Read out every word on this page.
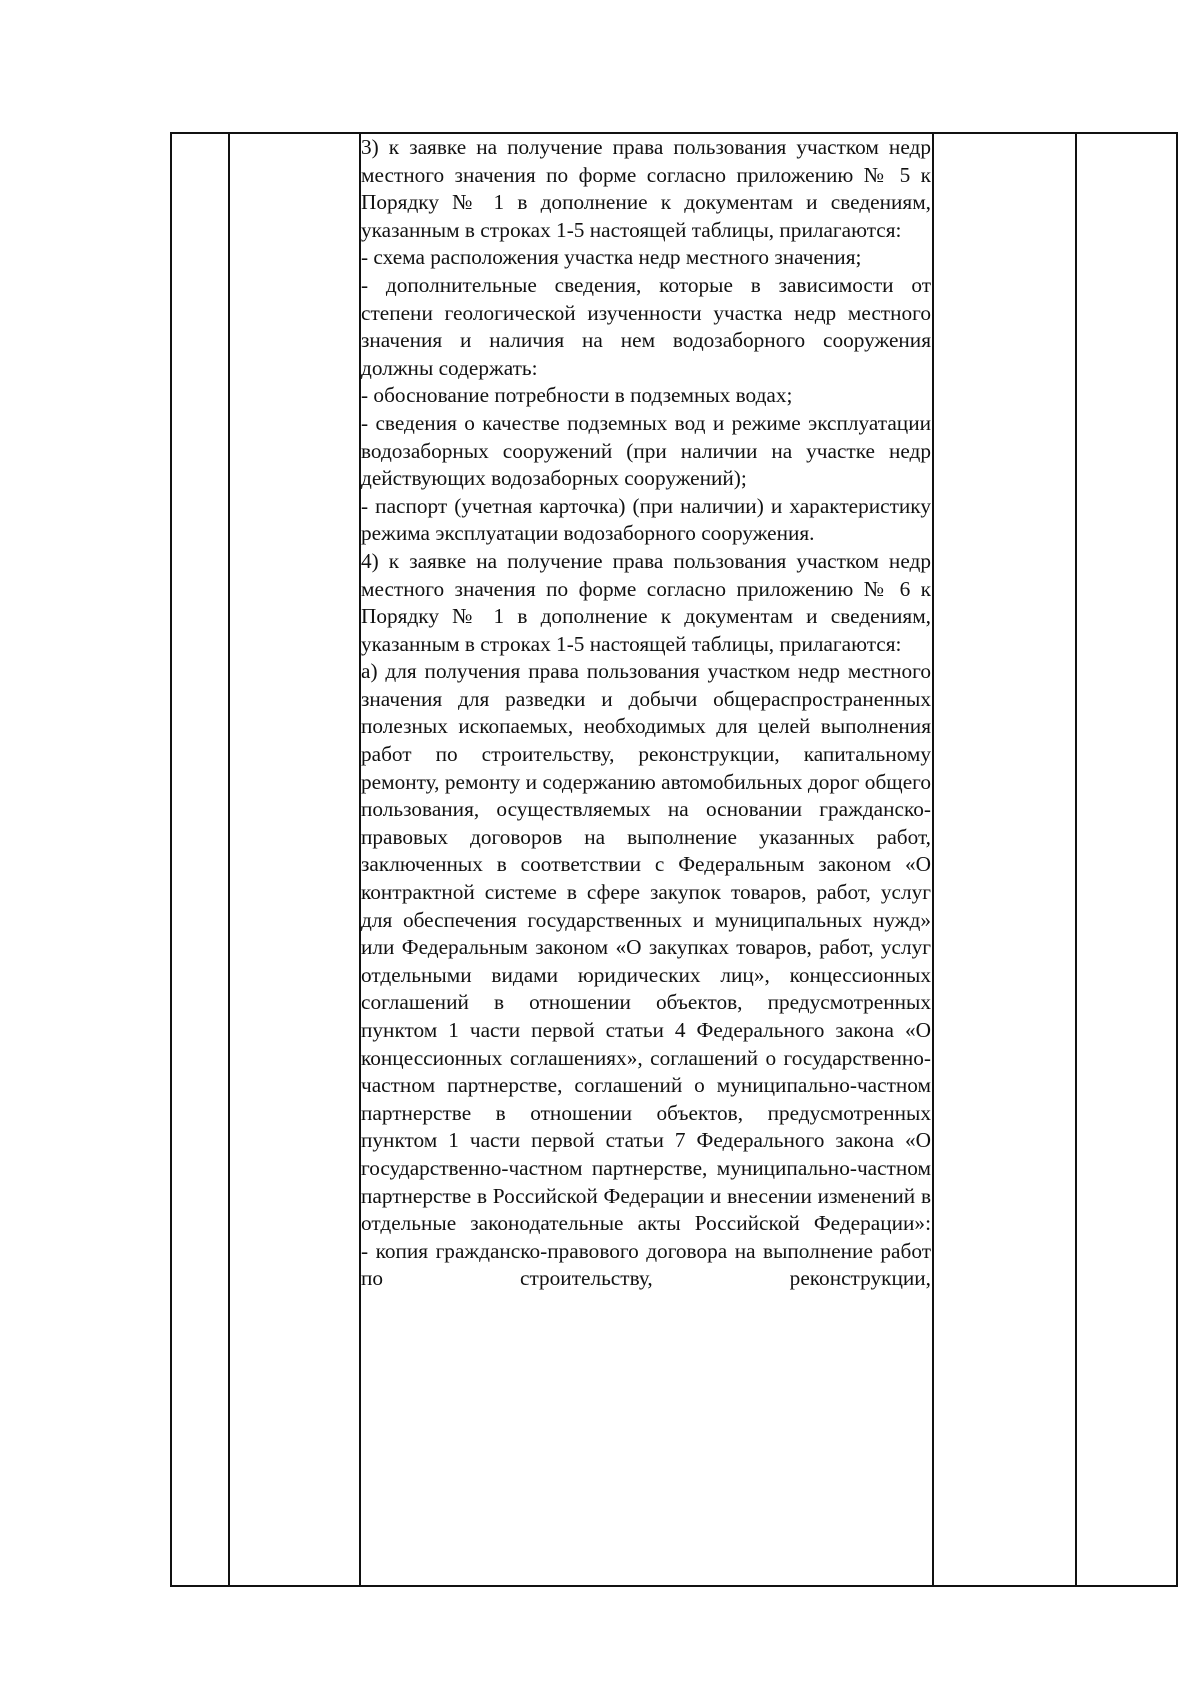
3) к заявке на получение права пользования участком недр местного значения по форме согласно приложению № 5 к Порядку № 1 в дополнение к документам и сведениям, указанным в строках 1-5 настоящей таблицы, прилагаются:

- схема расположения участка недр местного значения;

- дополнительные сведения, которые в зависимости от степени геологической изученности участка недр местного значения и наличия на нем водозаборного сооружения должны содержать:

- обоснование потребности в подземных водах;

- сведения о качестве подземных вод и режиме эксплуатации водозаборных сооружений (при наличии на участке недр действующих водозаборных сооружений);

- паспорт (учетная карточка) (при наличии) и характеристику режима эксплуатации водозаборного сооружения.

4) к заявке на получение права пользования участком недр местного значения по форме согласно приложению № 6 к Порядку № 1 в дополнение к документам и сведениям, указанным в строках 1-5 настоящей таблицы, прилагаются:

а) для получения права пользования участком недр местного значения для разведки и добычи общераспространенных полезных ископаемых, необходимых для целей выполнения работ по строительству, реконструкции, капитальному ремонту, ремонту и содержанию автомобильных дорог общего пользования, осуществляемых на основании гражданско-правовых договоров на выполнение указанных работ, заключенных в соответствии с Федеральным законом «О контрактной системе в сфере закупок товаров, работ, услуг для обеспечения государственных и муниципальных нужд» или Федеральным законом «О закупках товаров, работ, услуг отдельными видами юридических лиц», концессионных соглашений в отношении объектов, предусмотренных пунктом 1 части первой статьи 4 Федерального закона «О концессионных соглашениях», соглашений о государственно-частном партнерстве, соглашений о муниципально-частном партнерстве в отношении объектов, предусмотренных пунктом 1 части первой статьи 7 Федерального закона «О государственно-частном партнерстве, муниципально-частном партнерстве в Российской Федерации и внесении изменений в отдельные законодательные акты Российской Федерации»:

- копия гражданско-правового договора на выполнение работ по строительству, реконструкции,
